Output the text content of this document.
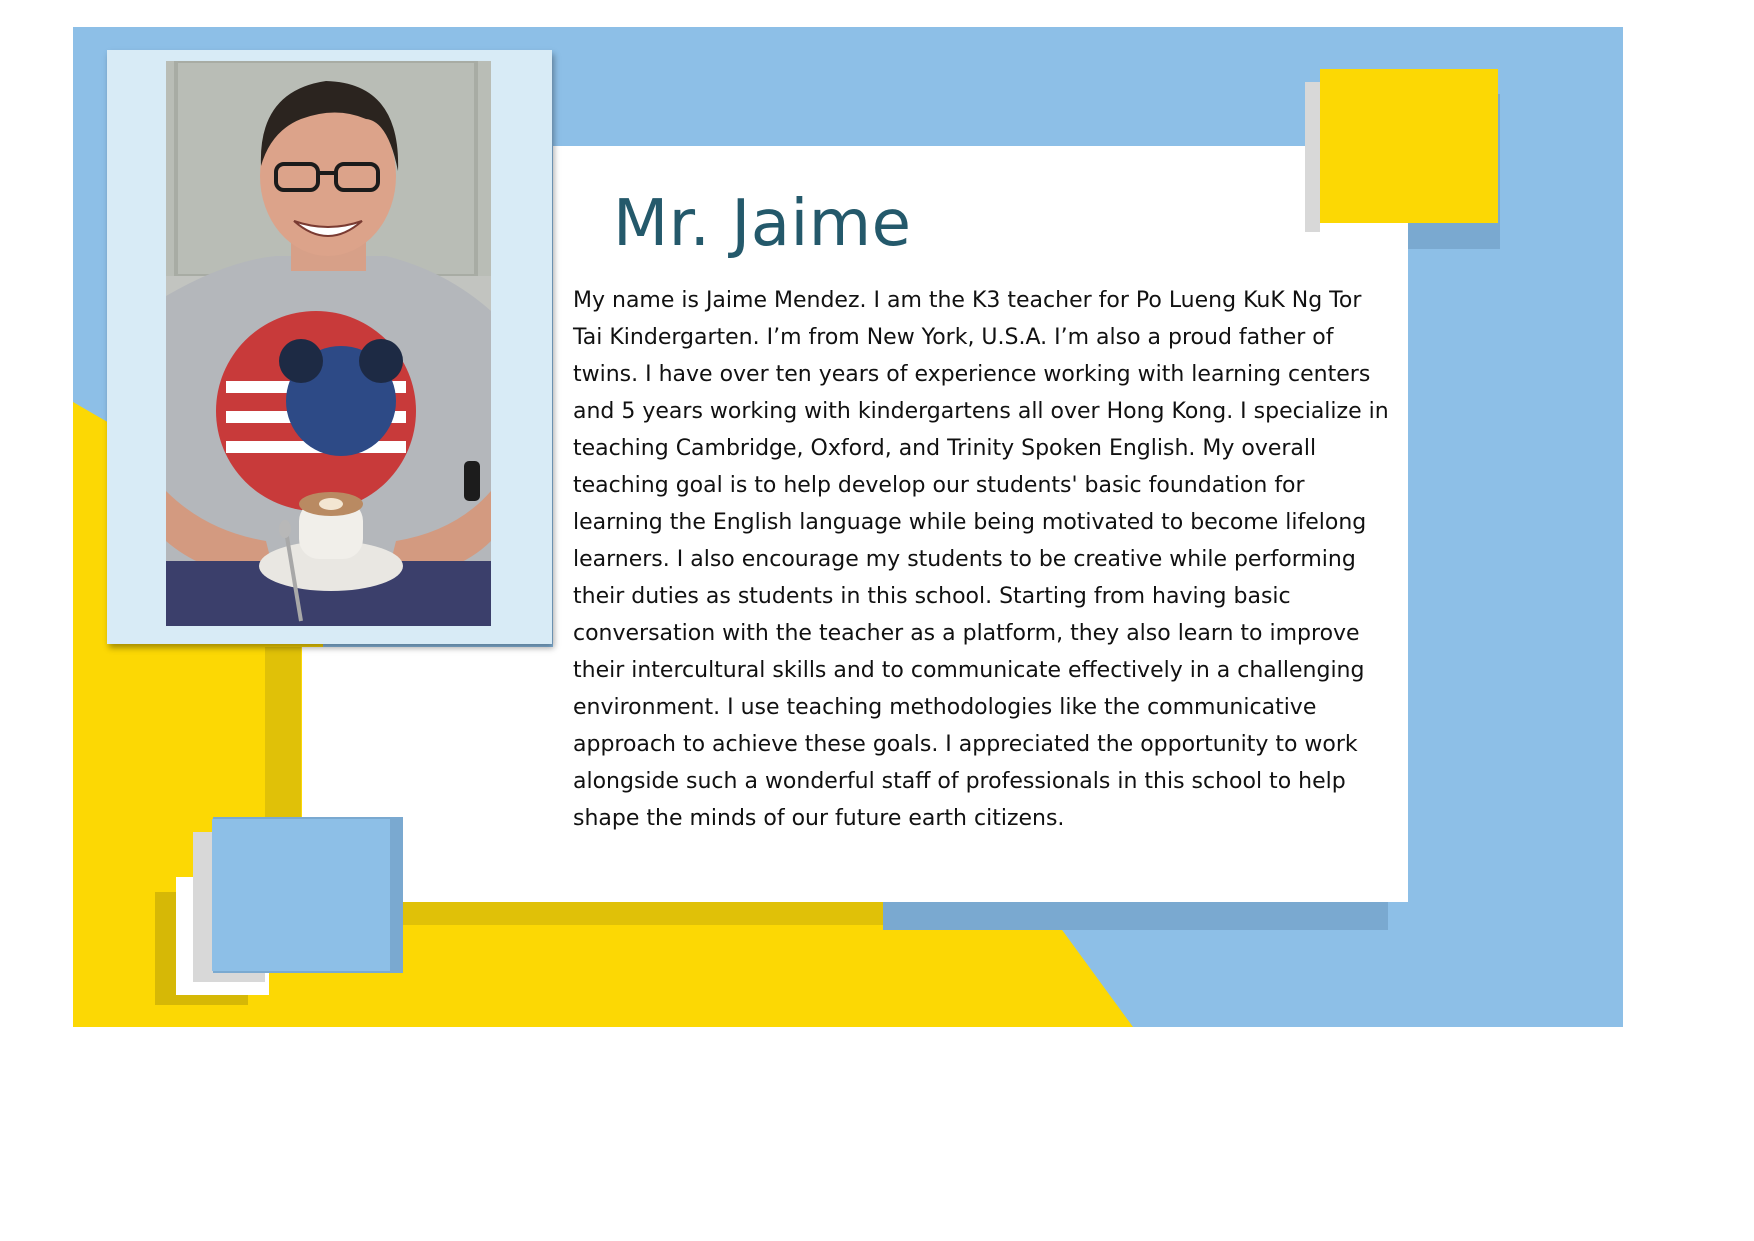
Mr. Jaime

My name is Jaime Mendez. I am the K3 teacher for Po Lueng KuK Ng Tor Tai Kindergarten. I’m from New York, U.S.A. I’m also a proud father of twins. I have over ten years of experience working with learning centers and 5 years working with kindergartens all over Hong Kong. I specialize in teaching Cambridge, Oxford, and Trinity Spoken English. My overall teaching goal is to help develop our students' basic foundation for learning the English language while being motivated to become lifelong learners. I also encourage my students to be creative while performing their duties as students in this school. Starting from having basic conversation with the teacher as a platform, they also learn to improve their intercultural skills and to communicate effectively in a challenging environment. I use teaching methodologies like the communicative approach to achieve these goals. I appreciated the opportunity to work alongside such a wonderful staff of professionals in this school to help shape the minds of our future earth citizens.
